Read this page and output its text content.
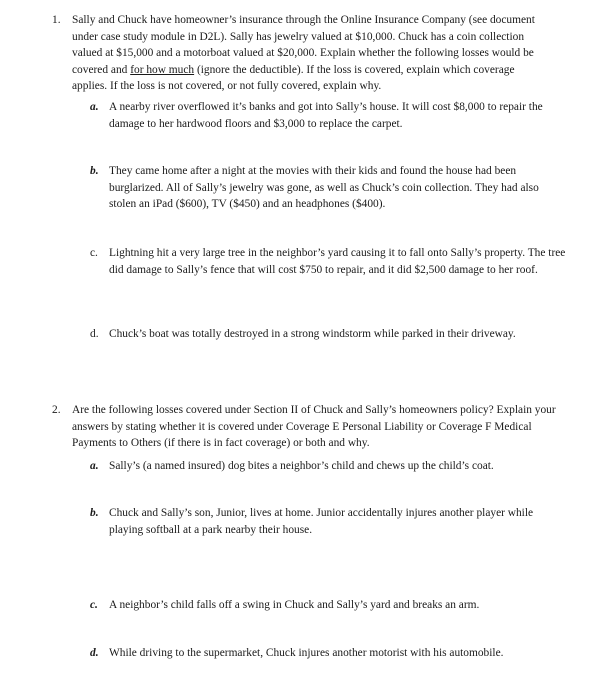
1. Sally and Chuck have homeowner’s insurance through the Online Insurance Company (see document under case study module in D2L). Sally has jewelry valued at $10,000. Chuck has a coin collection valued at $15,000 and a motorboat valued at $20,000. Explain whether the following losses would be covered and for how much (ignore the deductible). If the loss is covered, explain which coverage applies. If the loss is not covered, or not fully covered, explain why.

a. A nearby river overflowed it’s banks and got into Sally’s house. It will cost $8,000 to repair the damage to her hardwood floors and $3,000 to replace the carpet.

b. They came home after a night at the movies with their kids and found the house had been burglarized. All of Sally’s jewelry was gone, as well as Chuck’s coin collection. They had also stolen an iPad ($600), TV ($450) and an headphones ($400).

c. Lightning hit a very large tree in the neighbor’s yard causing it to fall onto Sally’s property. The tree did damage to Sally’s fence that will cost $750 to repair, and it did $2,500 damage to her roof.

d. Chuck’s boat was totally destroyed in a strong windstorm while parked in their driveway.

2. Are the following losses covered under Section II of Chuck and Sally’s homeowners policy? Explain your answers by stating whether it is covered under Coverage E Personal Liability or Coverage F Medical Payments to Others (if there is in fact coverage) or both and why.

a. Sally’s (a named insured) dog bites a neighbor’s child and chews up the child’s coat.

b. Chuck and Sally’s son, Junior, lives at home. Junior accidentally injures another player while playing softball at a park nearby their house.

c. A neighbor’s child falls off a swing in Chuck and Sally’s yard and breaks an arm.

d. While driving to the supermarket, Chuck injures another motorist with his automobile.
